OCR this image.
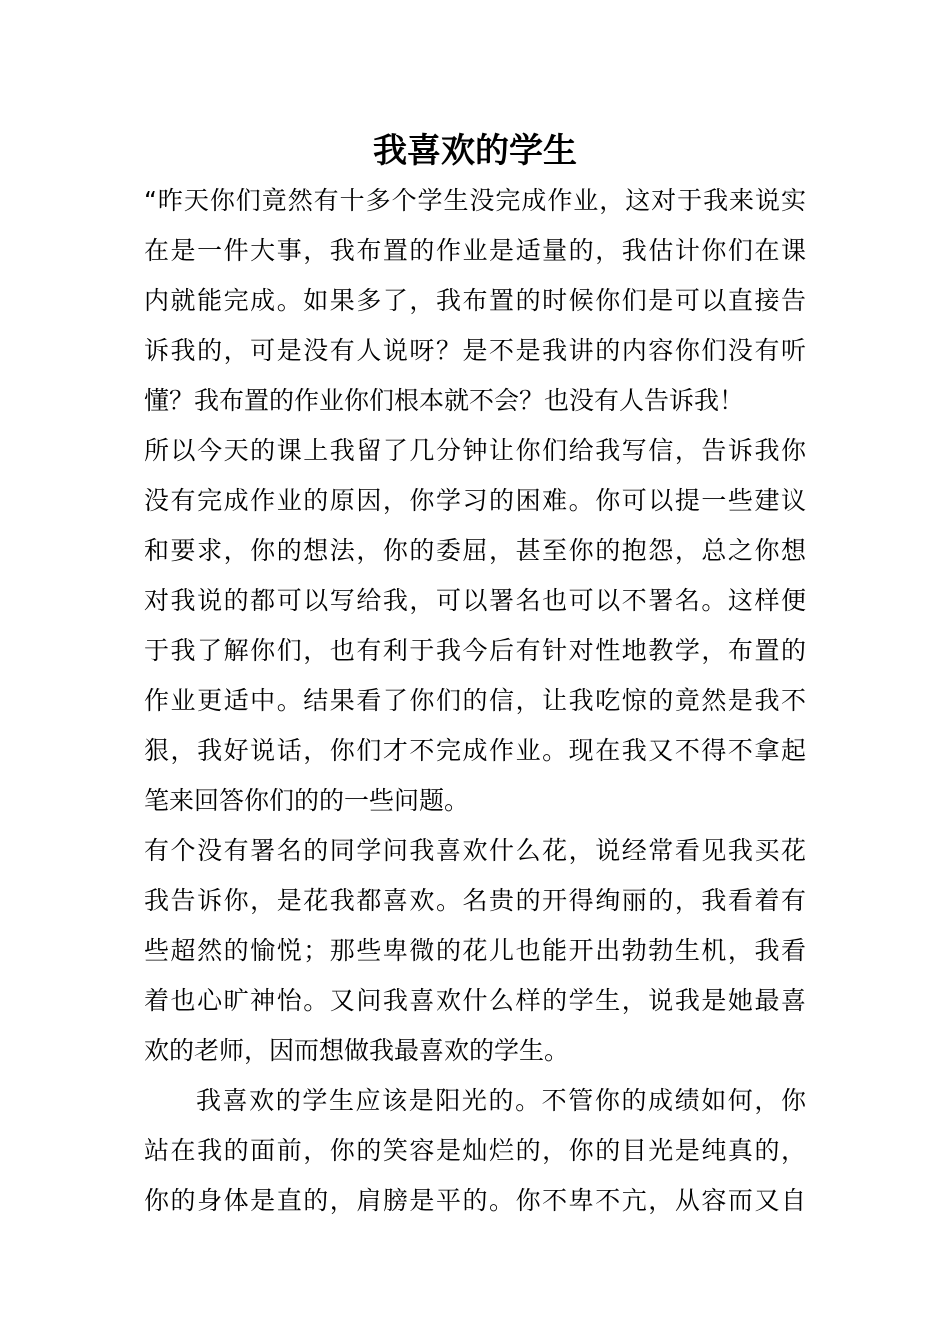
我喜欢的学生
“昨天你们竟然有十多个学生没完成作业，这对于我来说实
在是一件大事，我布置的作业是适量的，我估计你们在课
内就能完成。如果多了，我布置的时候你们是可以直接告
诉我的，可是没有人说呀？是不是我讲的内容你们没有听
懂？我布置的作业你们根本就不会？也没有人告诉我！
所以今天的课上我留了几分钟让你们给我写信，告诉我你
没有完成作业的原因，你学习的困难。你可以提一些建议
和要求，你的想法，你的委屈，甚至你的抱怨，总之你想
对我说的都可以写给我，可以署名也可以不署名。这样便
于我了解你们，也有利于我今后有针对性地教学，布置的
作业更适中。结果看了你们的信，让我吃惊的竟然是我不
狠，我好说话，你们才不完成作业。现在我又不得不拿起
笔来回答你们的的一些问题。
有个没有署名的同学问我喜欢什么花，说经常看见我买花
我告诉你，是花我都喜欢。名贵的开得绚丽的，我看着有
些超然的愉悦；那些卑微的花儿也能开出勃勃生机，我看
着也心旷神怡。又问我喜欢什么样的学生，说我是她最喜
欢的老师，因而想做我最喜欢的学生。
我喜欢的学生应该是阳光的。不管你的成绩如何，你
站在我的面前，你的笑容是灿烂的，你的目光是纯真的，
你的身体是直的，肩膀是平的。你不卑不亢，从容而又自
